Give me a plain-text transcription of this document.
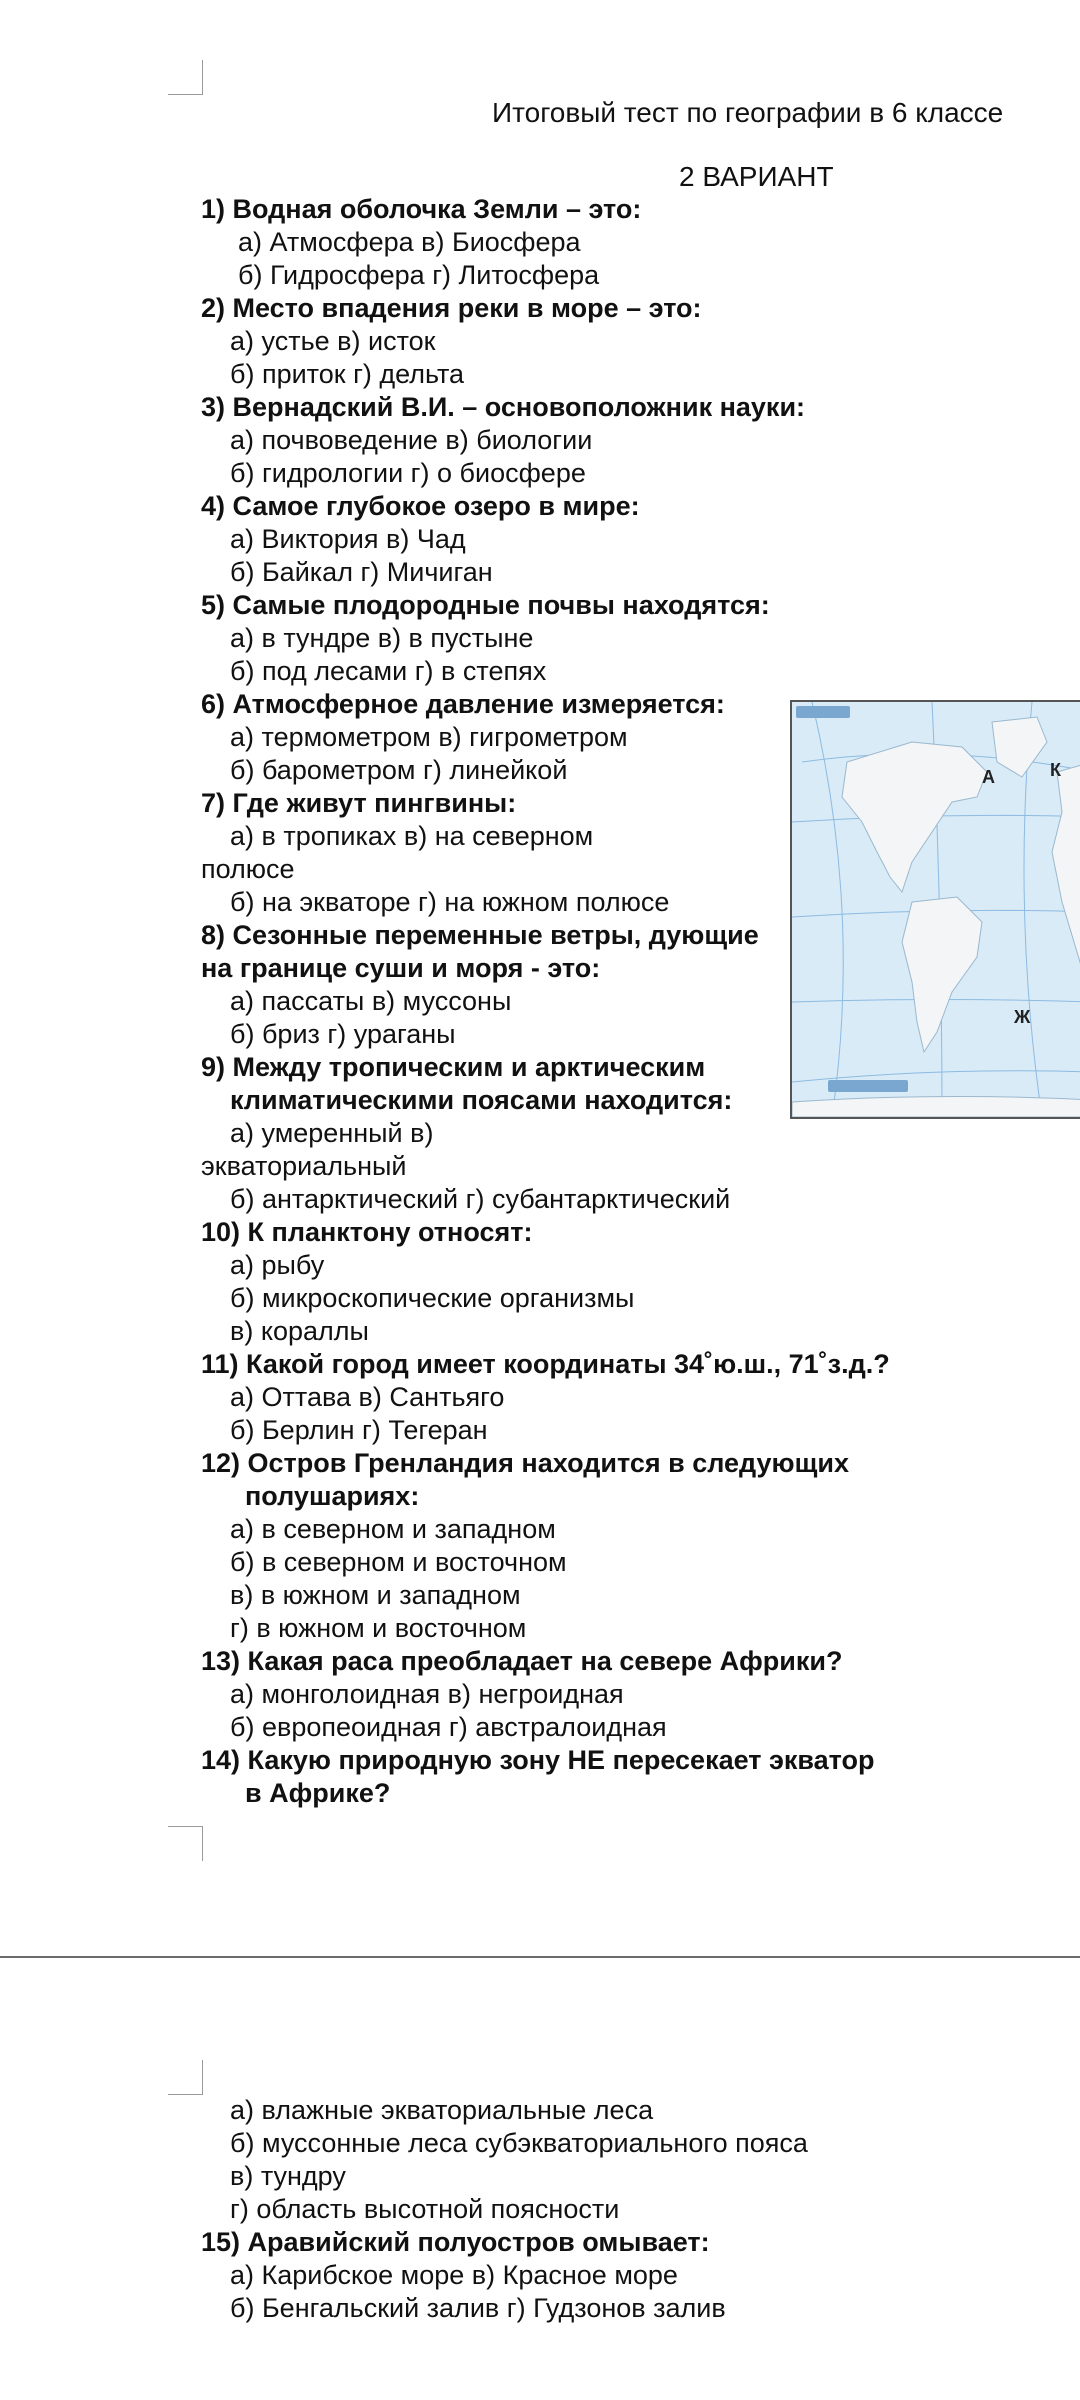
Итоговый тест по географии в 6 классе
2 ВАРИАНТ
1) Водная оболочка Земли – это:
а) Атмосфера в) Биосфера
б) Гидросфера г) Литосфера
2) Место впадения реки в море – это:
а) устье в) исток
б) приток г) дельта
3) Вернадский В.И. – основоположник науки:
а) почвоведение в) биологии
б) гидрологии г) о биосфере
4) Самое глубокое озеро в мире:
а) Виктория в) Чад
б) Байкал г) Мичиган
5) Самые плодородные почвы находятся:
а) в тундре в) в пустыне
б) под лесами г) в степях
6) Атмосферное давление измеряется:
а) термометром в) гигрометром
б) барометром г) линейкой
7) Где живут пингвины:
а) в тропиках в) на северном
полюсе
б) на экваторе г) на южном полюсе
8) Сезонные переменные ветры, дующие
на границе суши и моря - это:
а) пассаты в) муссоны
б) бриз г) ураганы
9) Между тропическим и арктическим
климатическими поясами находится:
а) умеренный в)
экваториальный
б) антарктический г) субантарктический
10) К планктону относят:
а) рыбу
б) микроскопические организмы
в) кораллы
11) Какой город имеет координаты 34˚ю.ш., 71˚з.д.?
а) Оттава в) Сантьяго
б) Берлин г) Тегеран
12) Остров Гренландия находится в следующих
полушариях:
а) в северном и западном
б) в северном и восточном
в) в южном и западном
г) в южном и восточном
13) Какая раса преобладает на севере Африки?
а) монголоидная в) негроидная
б) европеоидная г) австралоидная
14) Какую природную зону НЕ пересекает экватор
в Африке?
а) влажные экваториальные леса
б) муссонные леса субэкваториального пояса
в) тундру
г) область высотной поясности
15) Аравийский полуостров омывает:
а) Карибское море в) Красное море
б) Бенгальский залив г) Гудзонов залив
А	К
Ж
